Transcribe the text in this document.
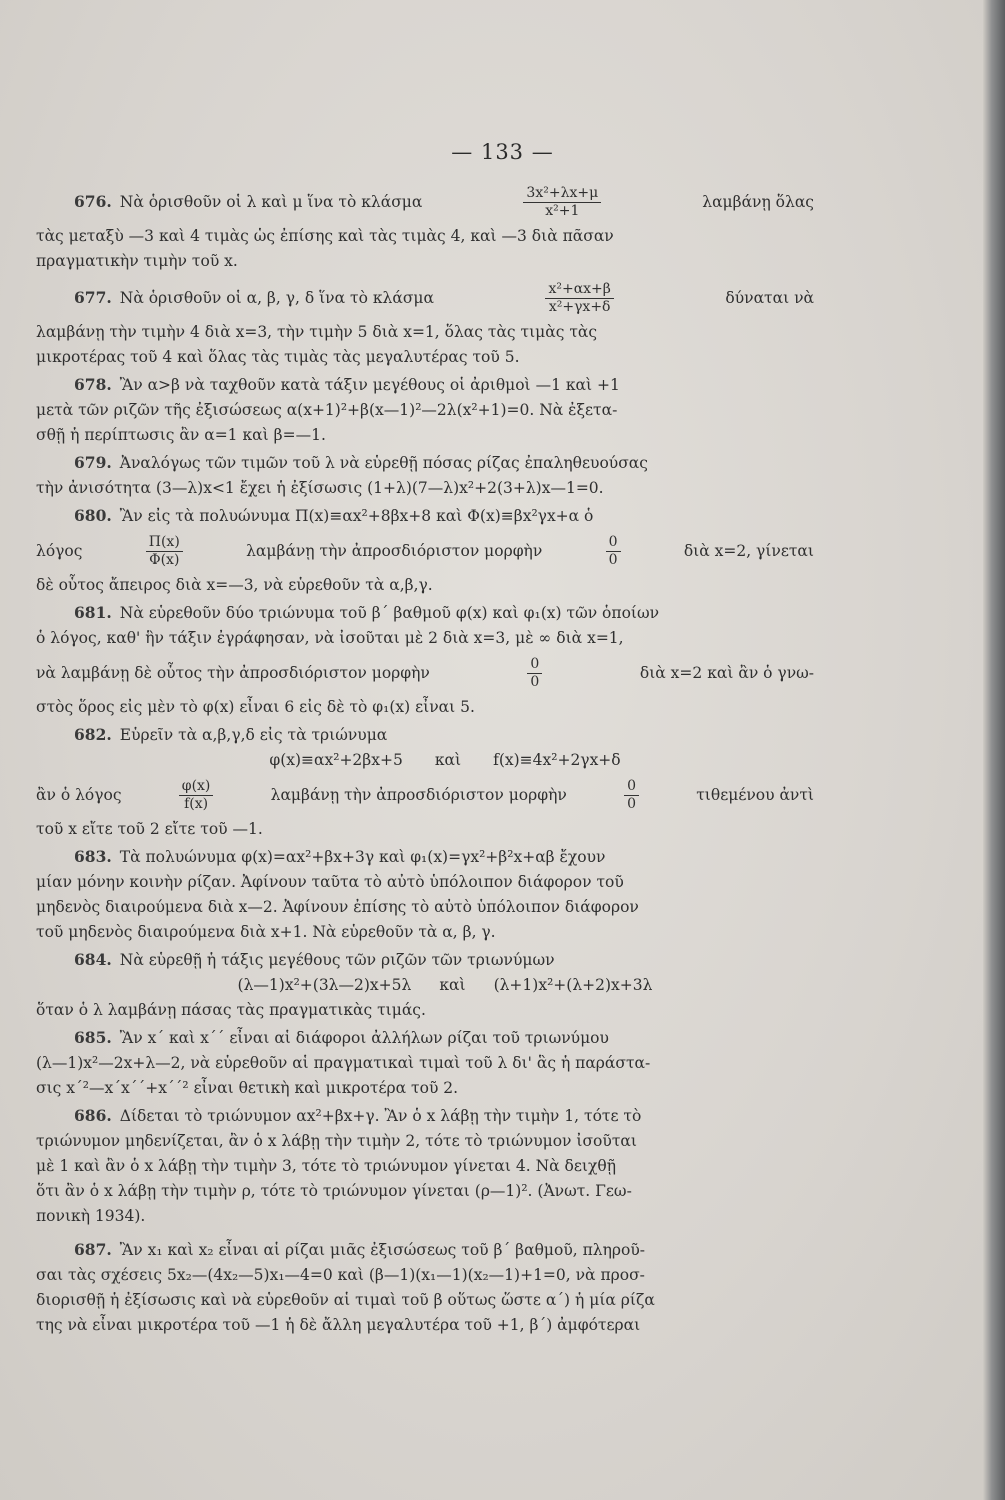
— 133 —
676. Νὰ ὁρισθοῦν οἱ λ καὶ μ ἵνα τὸ κλάσμα	$\frac{\text{3x²+λx+μ}}{\text{x²+1}}$	λαμβάνῃ ὅλας
τὰς μεταξὺ —3 καὶ 4 τιμὰς ὡς ἐπίσης καὶ τὰς τιμὰς 4, καὶ —3 διὰ πᾶσαν
πραγματικὴν τιμὴν τοῦ x.
677. Νὰ ὁρισθοῦν οἱ α, β, γ, δ ἵνα τὸ κλάσμα	$\frac{\text{x²+αx+β}}{\text{x²+γx+δ}}$	δύναται νὰ
λαμβάνῃ τὴν τιμὴν 4 διὰ x=3, τὴν τιμὴν 5 διὰ x=1, ὅλας τὰς τιμὰς τὰς
μικροτέρας τοῦ 4 καὶ ὅλας τὰς τιμὰς τὰς μεγαλυτέρας τοῦ 5.
678. Ἂν α>β νὰ ταχθοῦν κατὰ τάξιν μεγέθους οἱ ἀριθμοὶ —1 καὶ +1
μετὰ τῶν ριζῶν τῆς ἐξισώσεως α(x+1)²+β(x—1)²—2λ(x²+1)=0. Νὰ ἐξετα-
σθῇ ἡ περίπτωσις ἂν α=1 καὶ β=—1.
679. Ἀναλόγως τῶν τιμῶν τοῦ λ νὰ εὑρεθῇ πόσας ρίζας ἐπαληθευούσας
τὴν ἀνισότητα (3—λ)x<1 ἔχει ἡ ἐξίσωσις (1+λ)(7—λ)x²+2(3+λ)x—1=0.
680. Ἂν εἰς τὰ πολυώνυμα Π(x)≡αx²+8βx+8 καὶ Φ(x)≡βx²γx+α ὁ
λόγος	$\frac{\Pi(x)}{\Phi(x)}$	λαμβάνῃ τὴν ἀπροσδιόριστον μορφὴν	$\frac{0}{0}$	διὰ x=2, γίνεται
δὲ οὗτος ἄπειρος διὰ x=—3, νὰ εὑρεθοῦν τὰ α,β,γ.
681. Νὰ εὑρεθοῦν δύο τριώνυμα τοῦ β΄ βαθμοῦ φ(x) καὶ φ₁(x) τῶν ὁποίων
ὁ λόγος, καθ' ἣν τάξιν ἐγράφησαν, νὰ ἰσοῦται μὲ 2 διὰ x=3, μὲ ∞ διὰ x=1,
νὰ λαμβάνῃ δὲ οὗτος τὴν ἀπροσδιόριστον μορφὴν	$\frac{0}{0}$	διὰ x=2 καὶ ἂν ὁ γνω-
στὸς ὅρος εἰς μὲν τὸ φ(x) εἶναι 6 εἰς δὲ τὸ φ₁(x) εἶναι 5.
682. Εὑρεῖν τὰ α,β,γ,δ εἰς τὰ τριώνυμα
φ(x)≡αx²+2βx+5 καὶ f(x)≡4x²+2γx+δ
ἂν ὁ λόγος	$\frac{\varphi(x)}{f(x)}$	λαμβάνῃ τὴν ἀπροσδιόριστον μορφὴν	$\frac{0}{0}$	τιθεμένου ἀντὶ
τοῦ x εἴτε τοῦ 2 εἴτε τοῦ —1.
683. Τὰ πολυώνυμα φ(x)=αx²+βx+3γ καὶ φ₁(x)=γx²+β²x+αβ ἔχουν
μίαν μόνην κοινὴν ρίζαν. Ἀφίνουν ταῦτα τὸ αὐτὸ ὑπόλοιπον διάφορον τοῦ
μηδενὸς διαιρούμενα διὰ x—2. Ἀφίνουν ἐπίσης τὸ αὐτὸ ὑπόλοιπον διάφορον
τοῦ μηδενὸς διαιρούμενα διὰ x+1. Νὰ εὑρεθοῦν τὰ α, β, γ.
684. Νὰ εὑρεθῇ ἡ τάξις μεγέθους τῶν ριζῶν τῶν τριωνύμων
(λ—1)x²+(3λ—2)x+5λ καὶ (λ+1)x²+(λ+2)x+3λ
ὅταν ὁ λ λαμβάνῃ πάσας τὰς πραγματικὰς τιμάς.
685. Ἂν x΄ καὶ x΄΄ εἶναι αἱ διάφοροι ἀλλήλων ρίζαι τοῦ τριωνύμου
(λ—1)x²—2x+λ—2, νὰ εὑρεθοῦν αἱ πραγματικαὶ τιμαὶ τοῦ λ δι' ἃς ἡ παράστα-
σις x΄²—x΄x΄΄+x΄΄² εἶναι θετικὴ καὶ μικροτέρα τοῦ 2.
686. Δίδεται τὸ τριώνυμον αx²+βx+γ. Ἂν ὁ x λάβῃ τὴν τιμὴν 1, τότε τὸ
τριώνυμον μηδενίζεται, ἂν ὁ x λάβῃ τὴν τιμὴν 2, τότε τὸ τριώνυμον ἰσοῦται
μὲ 1 καὶ ἂν ὁ x λάβῃ τὴν τιμὴν 3, τότε τὸ τριώνυμον γίνεται 4. Νὰ δειχθῇ
ὅτι ἂν ὁ x λάβῃ τὴν τιμὴν ρ, τότε τὸ τριώνυμον γίνεται (ρ—1)². (Ἀνωτ. Γεω-
πονικὴ 1934).
687. Ἂν x₁ καὶ x₂ εἶναι αἱ ρίζαι μιᾶς ἐξισώσεως τοῦ β΄ βαθμοῦ, πληροῦ-
σαι τὰς σχέσεις 5x₂—(4x₂—5)x₁—4=0 καὶ (β—1)(x₁—1)(x₂—1)+1=0, νὰ προσ-
διορισθῇ ἡ ἐξίσωσις καὶ νὰ εὑρεθοῦν αἱ τιμαὶ τοῦ β οὕτως ὥστε α΄) ἡ μία ρίζα
της νὰ εἶναι μικροτέρα τοῦ —1 ἡ δὲ ἄλλη μεγαλυτέρα τοῦ +1, β΄) ἀμφότεραι
